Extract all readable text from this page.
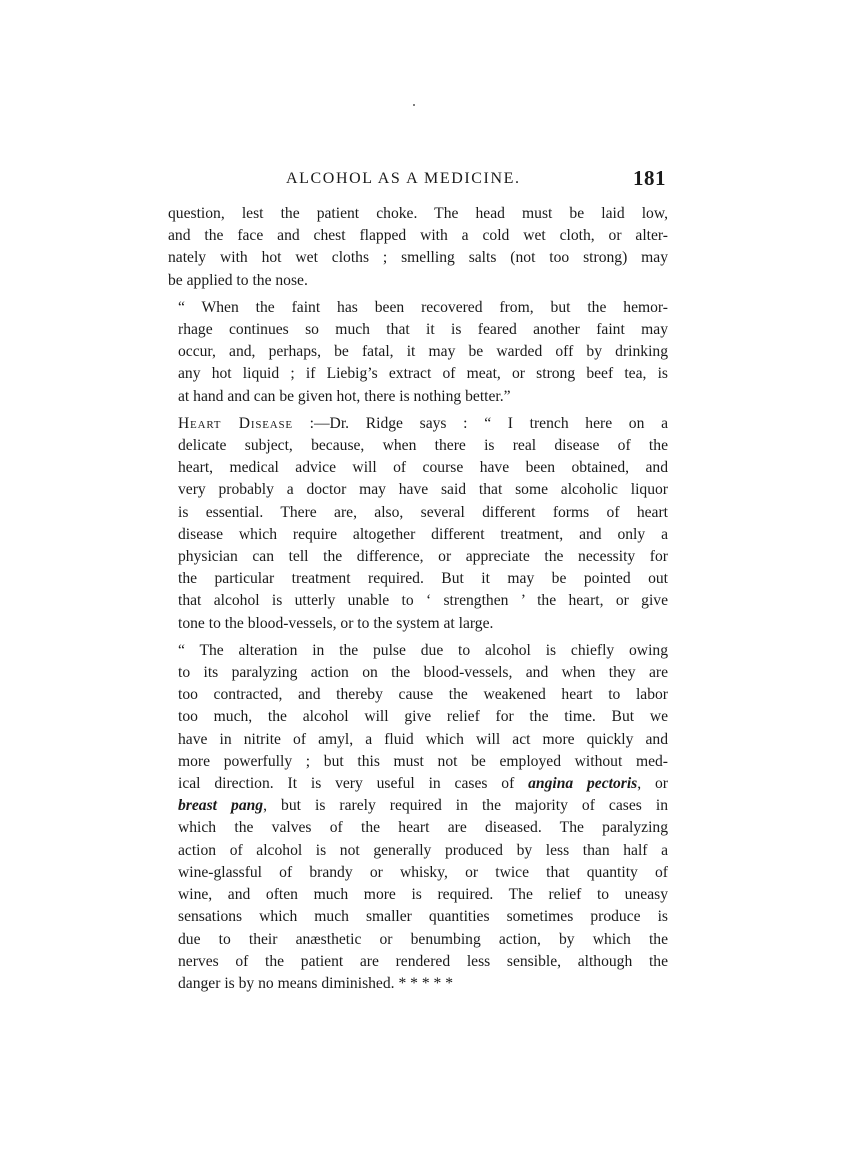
ALCOHOL AS A MEDICINE.	181

question, lest the patient choke. The head must be laid low,
and the face and chest flapped with a cold wet cloth, or alter-
nately with hot wet cloths ; smelling salts (not too strong) may
be applied to the nose.

“ When the faint has been recovered from, but the hemor-
rhage continues so much that it is feared another faint may
occur, and, perhaps, be fatal, it may be warded off by drinking
any hot liquid ; if Liebig’s extract of meat, or strong beef tea, is
at hand and can be given hot, there is nothing better.”

Heart Disease :—Dr. Ridge says : “ I trench here on a
delicate subject, because, when there is real disease of the
heart, medical advice will of course have been obtained, and
very probably a doctor may have said that some alcoholic liquor
is essential. There are, also, several different forms of heart
disease which require altogether different treatment, and only a
physician can tell the difference, or appreciate the necessity for
the particular treatment required. But it may be pointed out
that alcohol is utterly unable to ‘ strengthen ’ the heart, or give
tone to the blood-vessels, or to the system at large.

“ The alteration in the pulse due to alcohol is chiefly owing
to its paralyzing action on the blood-vessels, and when they are
too contracted, and thereby cause the weakened heart to labor
too much, the alcohol will give relief for the time. But we
have in nitrite of amyl, a fluid which will act more quickly and
more powerfully ; but this must not be employed without med-
ical direction. It is very useful in cases of angina pectoris, or
breast pang, but is rarely required in the majority of cases in
which the valves of the heart are diseased. The paralyzing
action of alcohol is not generally produced by less than half a
wine-glassful of brandy or whisky, or twice that quantity of
wine, and often much more is required. The relief to uneasy
sensations which much smaller quantities sometimes produce is
due to their anæsthetic or benumbing action, by which the
nerves of the patient are rendered less sensible, although the
danger is by no means diminished. * * * * *
